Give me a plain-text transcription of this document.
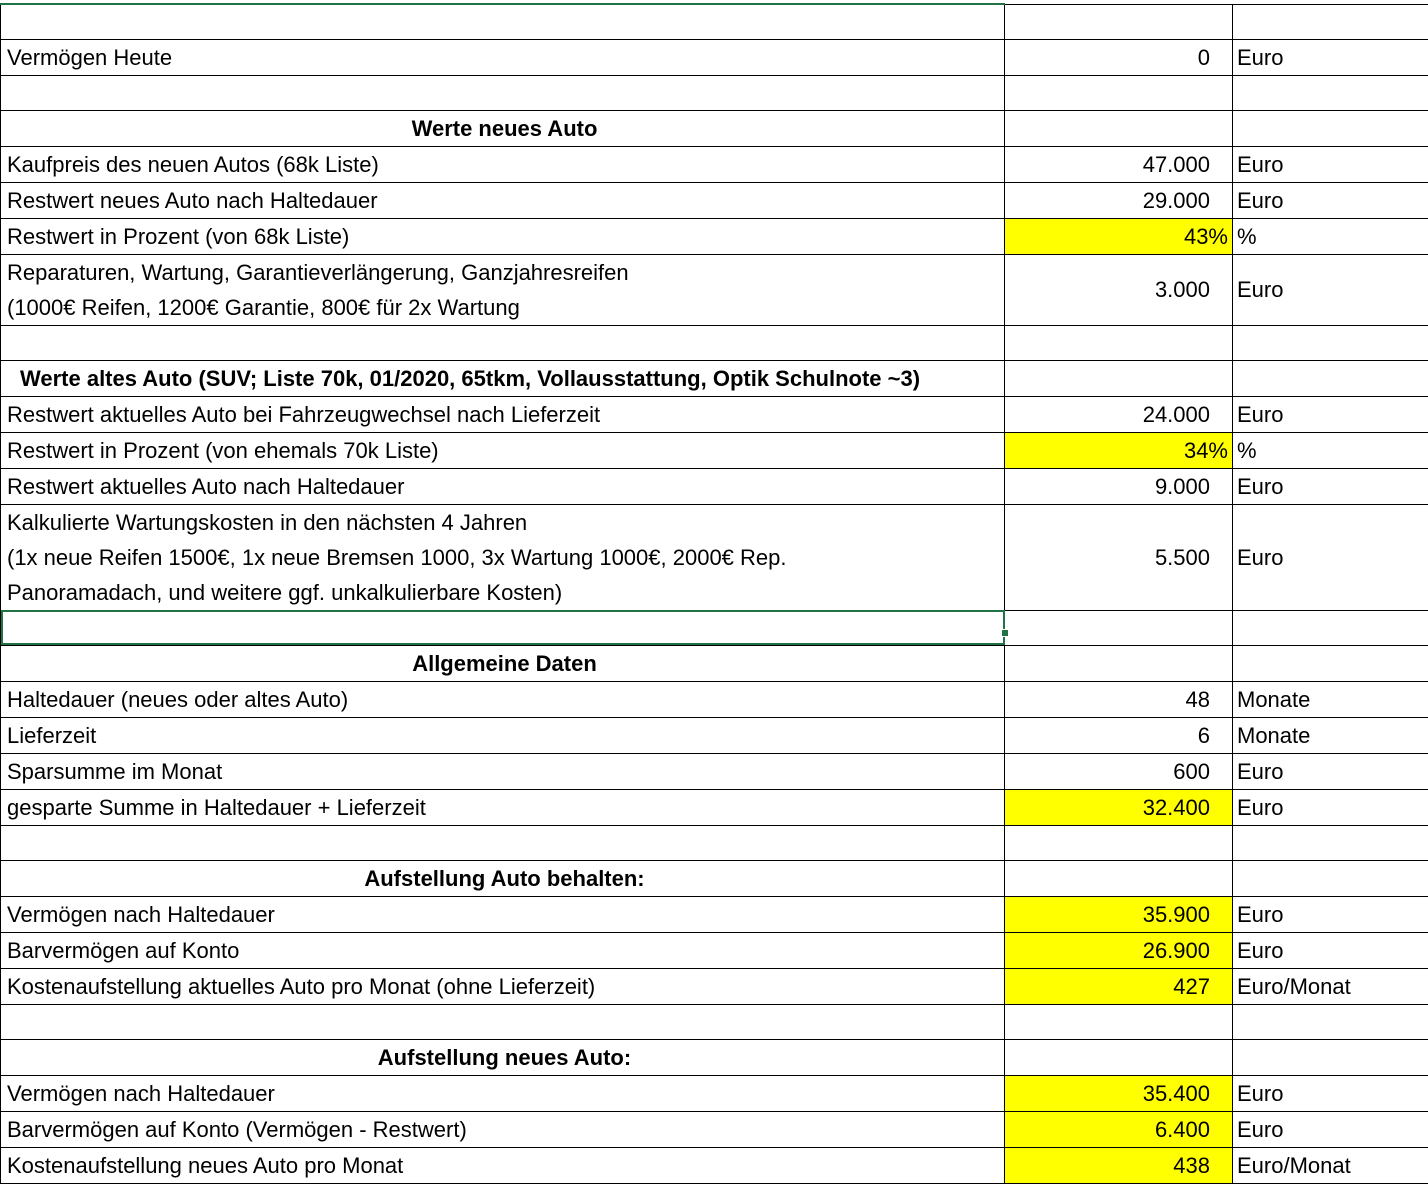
Vermögen Heute	0	Euro

Werte neues Auto		
Kaufpreis des neuen Autos (68k Liste)	47.000	Euro
Restwert neues Auto nach Haltedauer	29.000	Euro
Restwert in Prozent (von 68k Liste)	43%	%

Reparaturen, Wartung, Garantieverlängerung, Ganzjahresreifen
(1000€ Reifen, 1200€ Garantie, 800€ für 2x Wartung	3.000	Euro

Werte altes Auto (SUV; Liste 70k, 01/2020, 65tkm, Vollausstattung, Optik Schulnote ~3)		
Restwert aktuelles Auto bei Fahrzeugwechsel nach Lieferzeit	24.000	Euro
Restwert in Prozent (von ehemals 70k Liste)	34%	%
Restwert aktuelles Auto nach Haltedauer	9.000	Euro

Kalkulierte Wartungskosten in den nächsten 4 Jahren
(1x neue Reifen 1500€, 1x neue Bremsen 1000, 3x Wartung 1000€, 2000€ Rep.
Panoramadach, und weitere ggf. unkalkulierbare Kosten)	5.500	Euro

Allgemeine Daten		
Haltedauer (neues oder altes Auto)	48	Monate
Lieferzeit	6	Monate
Sparsumme im Monat	600	Euro
gesparte Summe in Haltedauer + Lieferzeit	32.400	Euro

Aufstellung Auto behalten:		
Vermögen nach Haltedauer	35.900	Euro
Barvermögen auf Konto	26.900	Euro
Kostenaufstellung aktuelles Auto pro Monat (ohne Lieferzeit)	427	Euro/Monat

Aufstellung neues Auto:		
Vermögen nach Haltedauer	35.400	Euro
Barvermögen auf Konto (Vermögen - Restwert)	6.400	Euro
Kostenaufstellung neues Auto pro Monat	438	Euro/Monat
